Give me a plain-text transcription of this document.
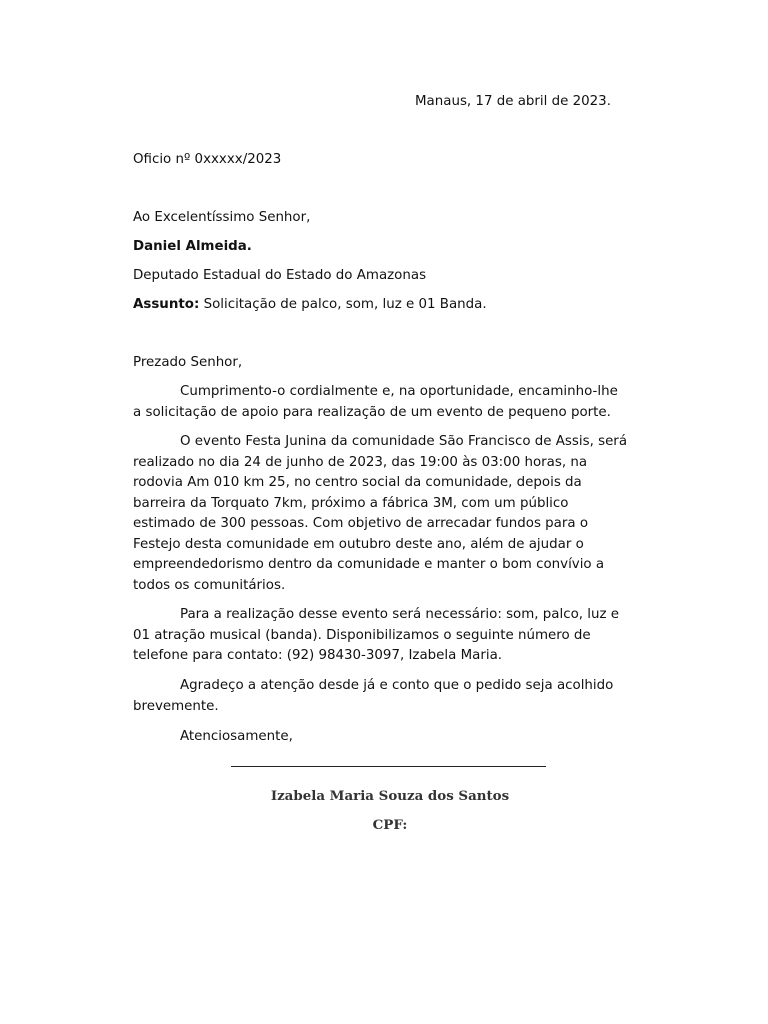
Manaus, 17 de abril de 2023.
Oficio nº 0xxxxx/2023
Ao Excelentíssimo Senhor,
Daniel Almeida.
Deputado Estadual do Estado do Amazonas
Assunto: Solicitação de palco, som, luz e 01 Banda.
Prezado Senhor,
Cumprimento-o cordialmente e, na oportunidade, encaminho-lhe
a solicitação de apoio para realização de um evento de pequeno porte.
O evento Festa Junina da comunidade São Francisco de Assis, será
realizado no dia 24 de junho de 2023, das 19:00 às 03:00 horas, na
rodovia Am 010 km 25, no centro social da comunidade, depois da
barreira da Torquato 7km, próximo a fábrica 3M, com um público
estimado de 300 pessoas. Com objetivo de arrecadar fundos para o
Festejo desta comunidade em outubro deste ano, além de ajudar o
empreendedorismo dentro da comunidade e manter o bom convívio a
todos os comunitários.
Para a realização desse evento será necessário: som, palco, luz e
01 atração musical (banda). Disponibilizamos o seguinte número de
telefone para contato: (92) 98430-3097, Izabela Maria.
Agradeço a atenção desde já e conto que o pedido seja acolhido
brevemente.
Atenciosamente,
Izabela Maria Souza dos Santos
CPF:
